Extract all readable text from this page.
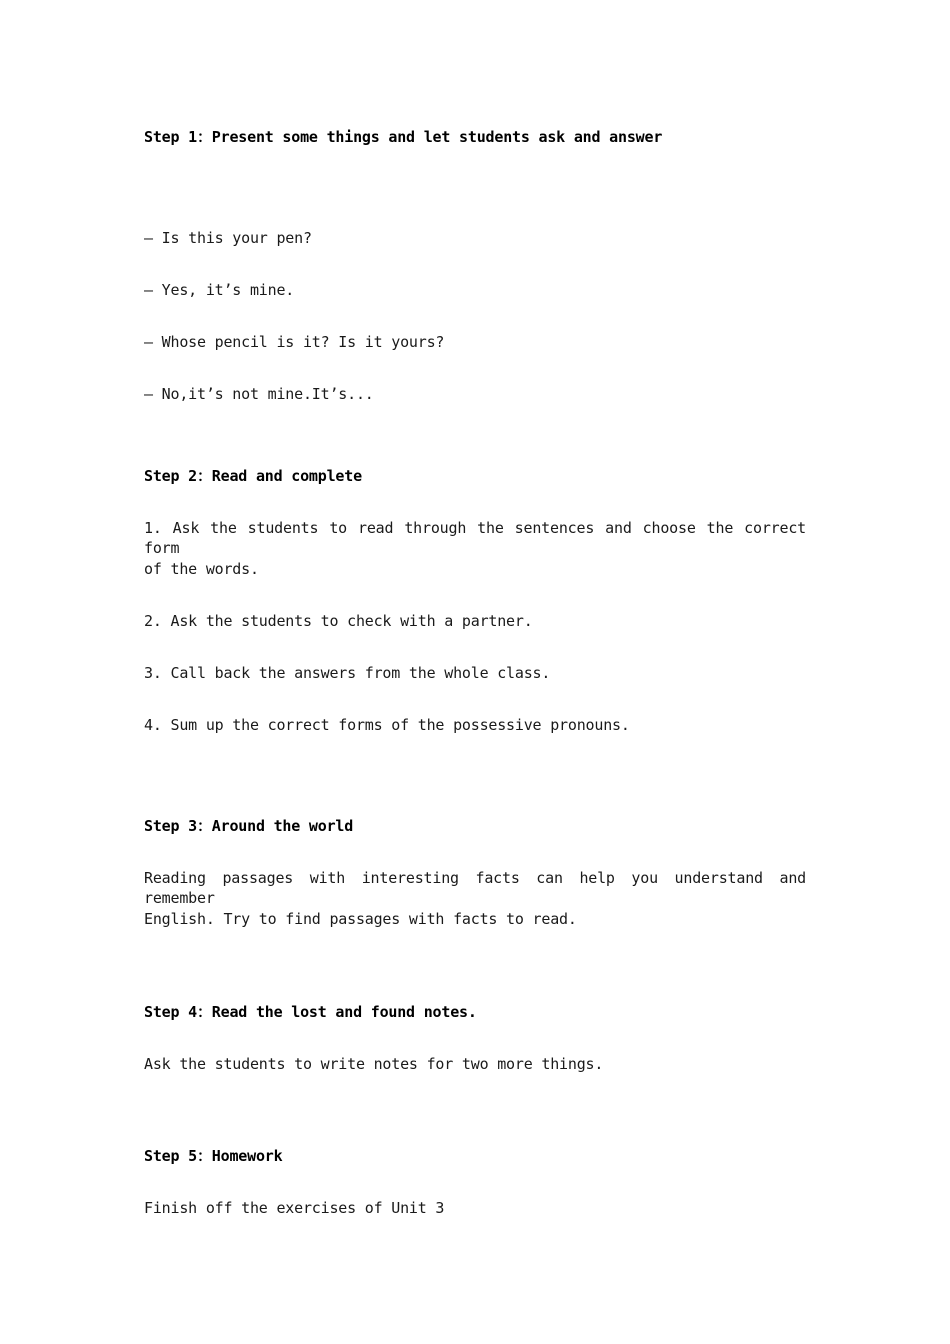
Step 1：Present some things and let students ask and answer

— Is this your pen?

— Yes, it’s mine.

— Whose pencil is it? Is it yours?

— No,it’s not mine.It’s...

Step 2：Read and complete

1. Ask the students to read through the sentences and choose the correct form

of the words.

2. Ask the students to check with a partner.

3. Call back the answers from the whole class.

4. Sum up the correct forms of the possessive pronouns.

Step 3：Around the world

Reading passages with interesting facts can help you understand and remember

English. Try to find passages with facts to read.

Step 4：Read the lost and found notes.

Ask the students to write notes for two more things.

Step 5：Homework

Finish off the exercises of Unit 3
